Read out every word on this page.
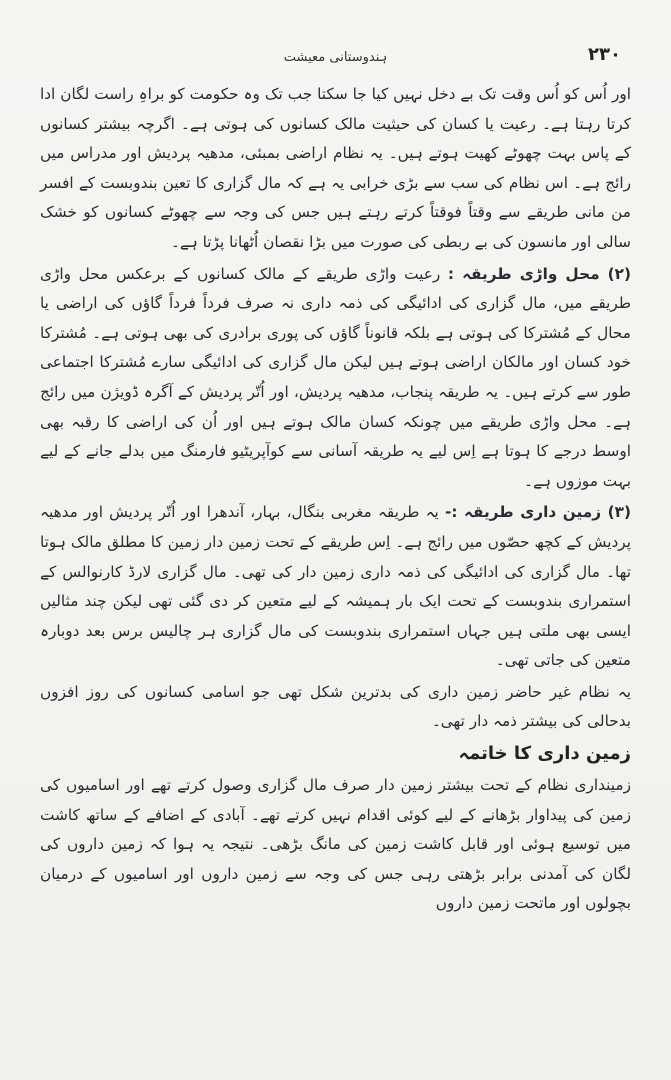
ہندوستانی معیشت	۲۳۰

اور اُس کو اُس وقت تک بے دخل نہیں کیا جا سکتا جب تک وہ حکومت کو براہِ راست لگان ادا کرتا رہتا ہے۔ رعیت یا کسان کی حیثیت مالک کسانوں کی ہوتی ہے۔ اگرچہ بیشتر کسانوں کے پاس بہت چھوٹے کھیت ہوتے ہیں۔ یہ نظام اراضی بمبئی، مدھیہ پردیش اور مدراس میں رائج ہے۔ اس نظام کی سب سے بڑی خرابی یہ ہے کہ مال گزاری کا تعین بندوبست کے افسر من مانی طریقے سے وقتاً فوقتاً کرتے رہتے ہیں جس کی وجہ سے چھوٹے کسانوں کو خشک سالی اور مانسون کی بے ربطی کی صورت میں بڑا نقصان اُٹھانا پڑتا ہے۔

(۲) محل واڑی طریقہ : رعیت واڑی طریقے کے مالک کسانوں کے برعکس محل واڑی طریقے میں، مال گزاری کی ادائیگی کی ذمہ داری نہ صرف فرداً فرداً گاؤں کی اراضی یا محال کے مُشترکا کی ہوتی ہے بلکہ قانوناً گاؤں کی پوری برادری کی بھی ہوتی ہے۔ مُشترکا خود کسان اور مالکان اراضی ہوتے ہیں لیکن مال گزاری کی ادائیگی سارے مُشترکا اجتماعی طور سے کرتے ہیں۔ یہ طریقہ پنجاب، مدھیہ پردیش، اور اُتّر پردیش کے آگرہ ڈویژن میں رائج ہے۔ محل واڑی طریقے میں چونکہ کسان مالک ہوتے ہیں اور اُن کی اراضی کا رقبہ بھی اوسط درجے کا ہوتا ہے اِس لیے یہ طریقہ آسانی سے کوآپریٹیو فارمنگ میں بدلے جانے کے لیے بہت موزوں ہے۔

(۳) زمین داری طریقہ :- یہ طریقہ مغربی بنگال، بہار، آندھرا اور اُتّر پردیش اور مدھیہ پردیش کے کچھ حصّوں میں رائج ہے۔ اِس طریقے کے تحت زمین دار زمین کا مطلق مالک ہوتا تھا۔ مال گزاری کی ادائیگی کی ذمہ داری زمین دار کی تھی۔ مال گزاری لارڈ کارنوالس کے استمراری بندوبست کے تحت ایک بار ہمیشہ کے لیے متعین کر دی گئی تھی لیکن چند مثالیں ایسی بھی ملتی ہیں جہاں استمراری بندوبست کی مال گزاری ہر چالیس برس بعد دوبارہ متعین کی جاتی تھی۔

یہ نظام غیر حاضر زمین داری کی بدترین شکل تھی جو اسامی کسانوں کی روز افزوں بدحالی کی بیشتر ذمہ دار تھی۔

زمین داری کا خاتمہ

زمینداری نظام کے تحت بیشتر زمین دار صرف مال گزاری وصول کرتے تھے اور اسامیوں کی زمین کی پیداوار بڑھانے کے لیے کوئی اقدام نہیں کرتے تھے۔ آبادی کے اضافے کے ساتھ کاشت میں توسیع ہوئی اور قابل کاشت زمین کی مانگ بڑھی۔ نتیجہ یہ ہوا کہ زمین داروں کی لگان کی آمدنی برابر بڑھتی رہی جس کی وجہ سے زمین داروں اور اسامیوں کے درمیان بچولوں اور ماتحت زمین داروں
